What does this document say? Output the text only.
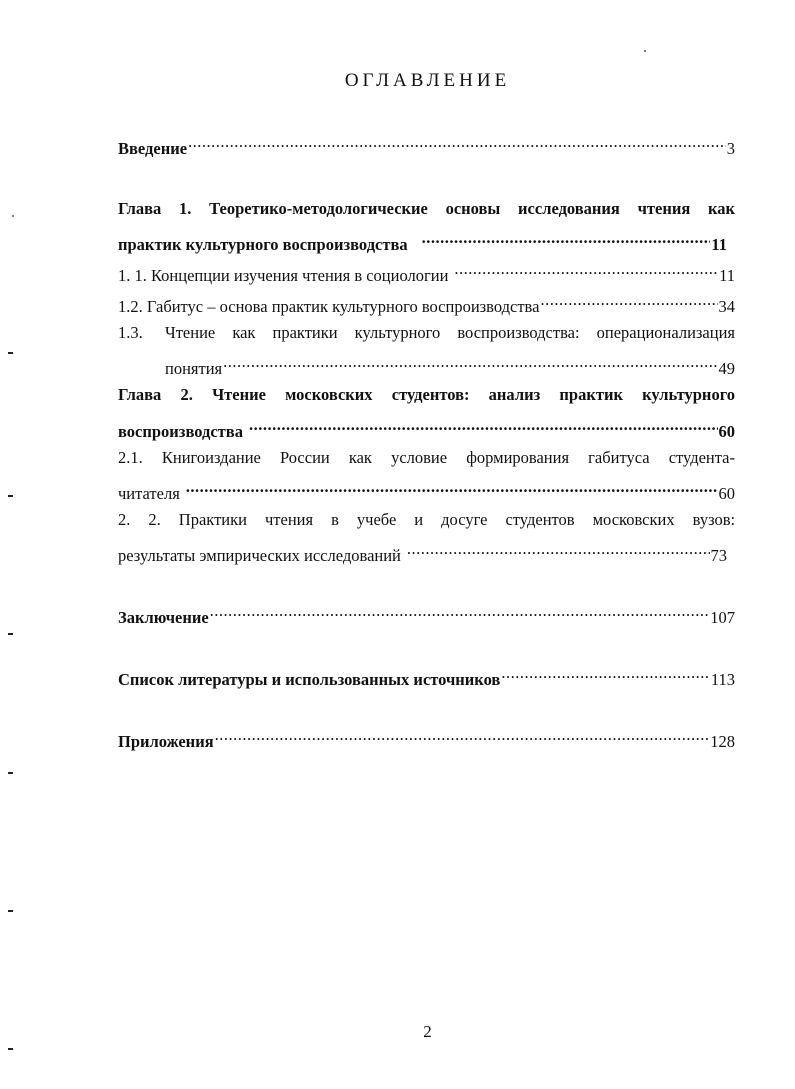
ОГЛАВЛЕНИЕ
Введение .....	3
Глава 1. Теоретико-методологические основы исследования чтения как
практик культурного воспроизводства .....	11
1. 1. Концепции изучения чтения в социологии .....	11
1.2. Габитус – основа практик культурного воспроизводства .....	34
1.3. Чтение как практики культурного воспроизводства: операционализация
понятия .....	49
Глава 2. Чтение московских студентов: анализ практик культурного
воспроизводства .....	60
2.1. Книгоиздание России как условие формирования габитуса студента-
читателя .....	60
2. 2. Практики чтения в учебе и досуге студентов московских вузов:
результаты эмпирических исследований .....	73
Заключение .....	107
Список литературы и использованных источников .....	113
Приложения .....	128
2
